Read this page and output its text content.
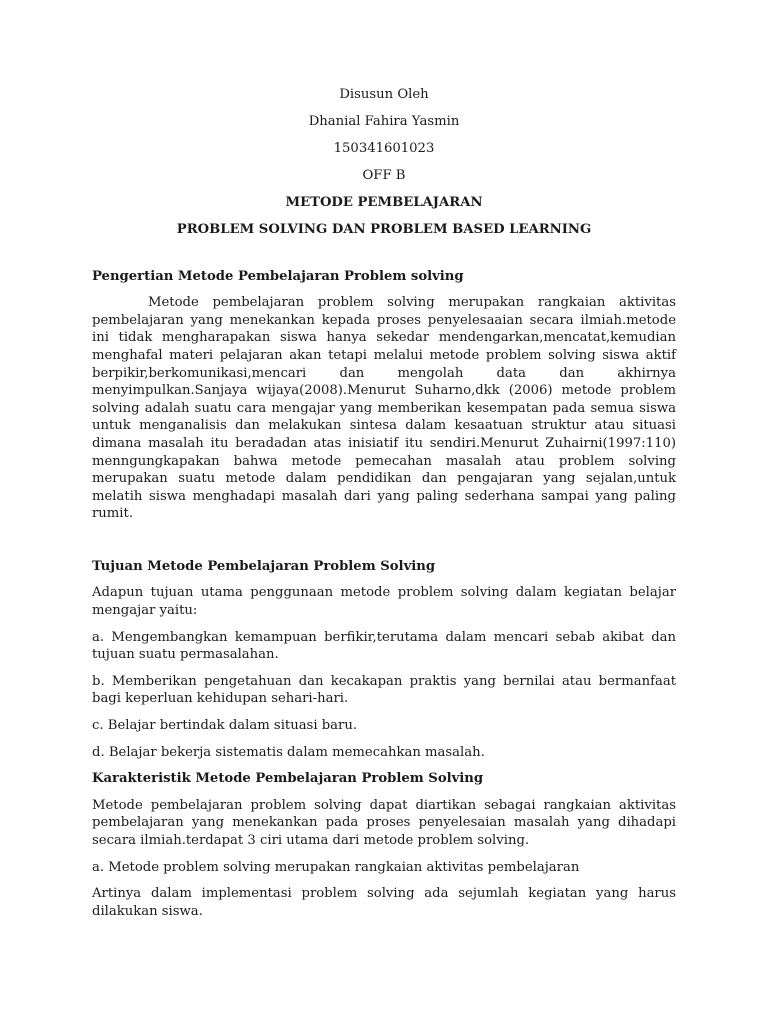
Disusun Oleh

Dhanial Fahira Yasmin

150341601023

OFF B

METODE PEMBELAJARAN

PROBLEM SOLVING DAN PROBLEM BASED LEARNING

Pengertian Metode Pembelajaran Problem solving

Metode pembelajaran problem solving merupakan rangkaian aktivitas pembelajaran yang menekankan kepada proses penyelesaaian secara ilmiah.metode ini tidak mengharapakan siswa hanya sekedar mendengarkan,mencatat,kemudian menghafal materi pelajaran akan tetapi melalui metode problem solving siswa aktif berpikir,berkomunikasi,mencari dan mengolah data dan akhirnya menyimpulkan.Sanjaya wijaya(2008).Menurut Suharno,dkk (2006) metode problem solving adalah suatu cara mengajar yang memberikan kesempatan pada semua siswa untuk menganalisis dan melakukan sintesa dalam kesaatuan struktur atau situasi dimana masalah itu beradadan atas inisiatif itu sendiri.Menurut Zuhairni(1997:110) menngungkapakan bahwa metode pemecahan masalah atau problem solving merupakan suatu metode dalam pendidikan dan pengajaran yang sejalan,untuk melatih siswa menghadapi masalah dari yang paling sederhana sampai yang paling rumit.

Tujuan Metode Pembelajaran Problem Solving

Adapun tujuan utama penggunaan metode problem solving dalam kegiatan belajar mengajar yaitu:

a. Mengembangkan kemampuan berfikir,terutama dalam mencari sebab akibat dan tujuan suatu permasalahan.

b. Memberikan pengetahuan dan kecakapan praktis yang bernilai atau bermanfaat bagi keperluan kehidupan sehari-hari.

c. Belajar bertindak dalam situasi baru.

d. Belajar bekerja sistematis dalam memecahkan masalah.

Karakteristik Metode Pembelajaran Problem Solving

Metode pembelajaran problem solving dapat diartikan sebagai rangkaian aktivitas pembelajaran yang menekankan pada proses penyelesaian masalah yang dihadapi secara ilmiah.terdapat 3 ciri utama dari metode problem solving.

a. Metode problem solving merupakan rangkaian aktivitas pembelajaran

Artinya dalam implementasi problem solving ada sejumlah kegiatan yang harus dilakukan siswa.
